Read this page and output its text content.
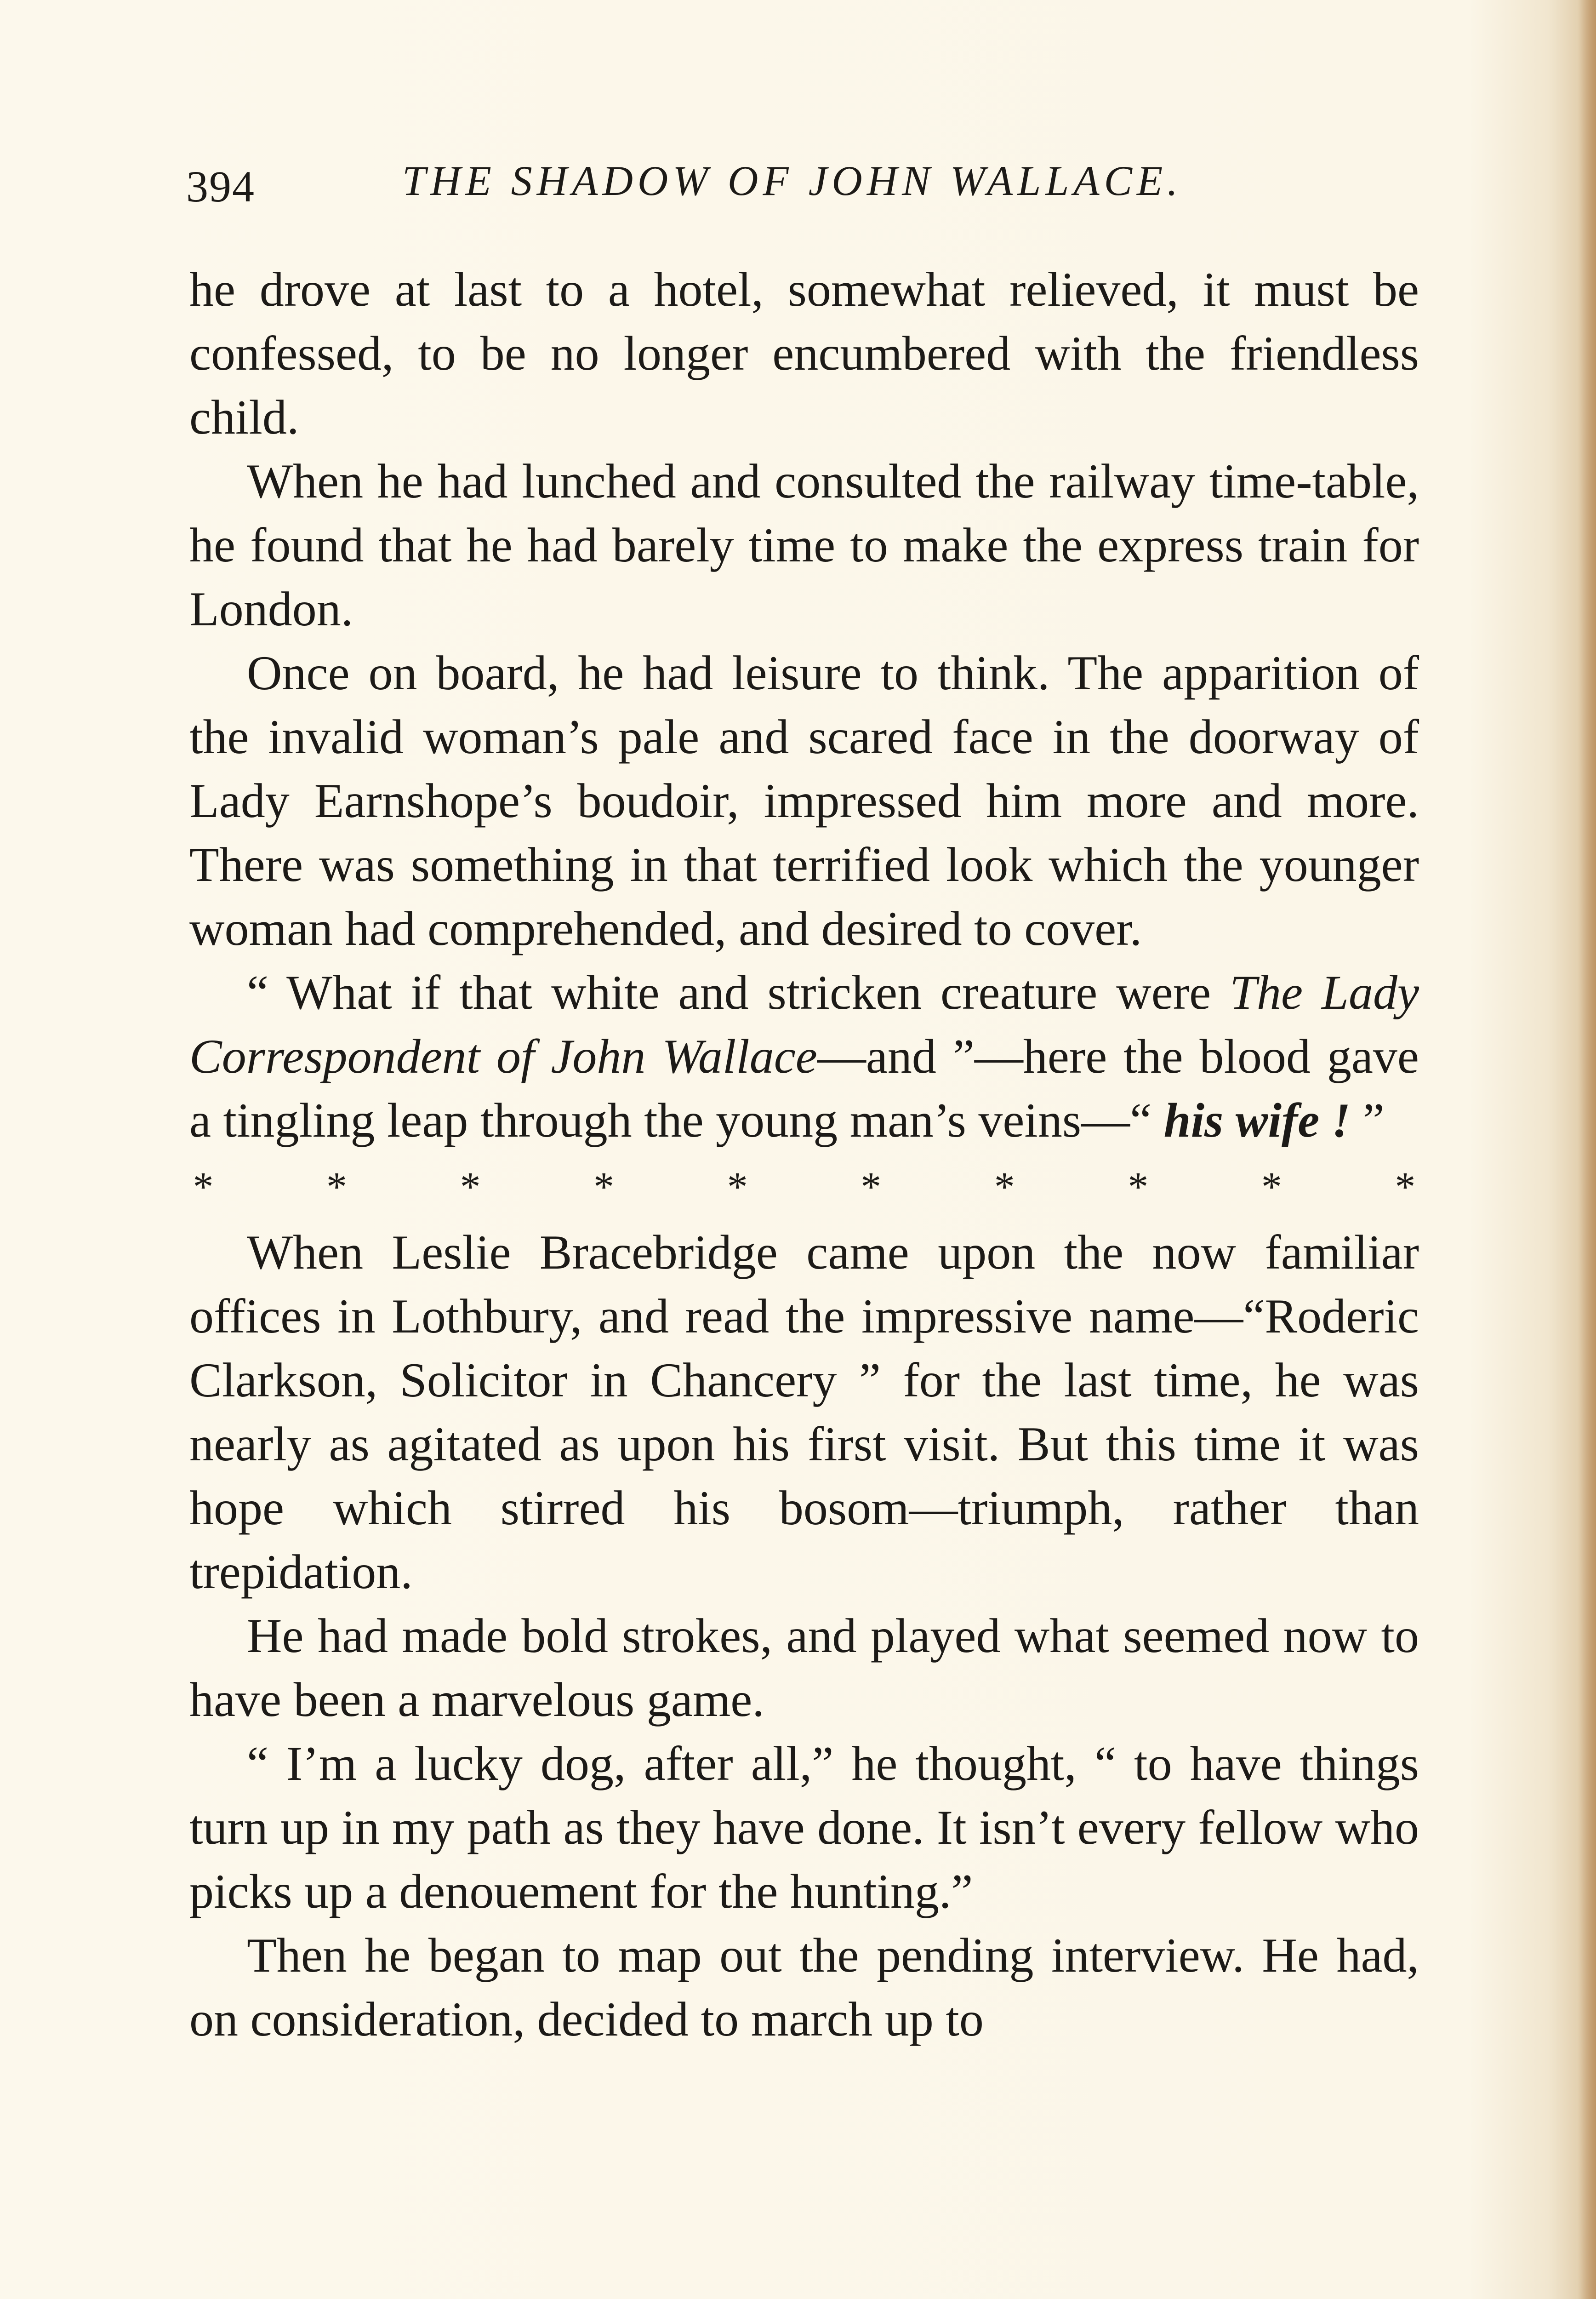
394	THE SHADOW OF JOHN WALLACE.

he drove at last to a hotel, somewhat relieved, it must be confessed, to be no longer encumbered with the friendless child.

When he had lunched and consulted the railway time-table, he found that he had barely time to make the express train for London.

Once on board, he had leisure to think. The apparition of the invalid woman’s pale and scared face in the doorway of Lady Earnshope’s boudoir, impressed him more and more. There was something in that terrified look which the younger woman had comprehended, and desired to cover.

“ What if that white and stricken creature were The Lady Correspondent of John Wallace—and ”—here the blood gave a tingling leap through the young man’s veins—“ his wife ! ”

*	*	*	*	*	*	*	*	*	*

When Leslie Bracebridge came upon the now familiar offices in Lothbury, and read the impressive name—“Roderic Clarkson, Solicitor in Chancery ” for the last time, he was nearly as agitated as upon his first visit. But this time it was hope which stirred his bosom—triumph, rather than trepidation.

He had made bold strokes, and played what seemed now to have been a marvelous game.

“ I’m a lucky dog, after all,” he thought, “ to have things turn up in my path as they have done. It isn’t every fellow who picks up a denouement for the hunting.”

Then he began to map out the pending interview. He had, on consideration, decided to march up to
